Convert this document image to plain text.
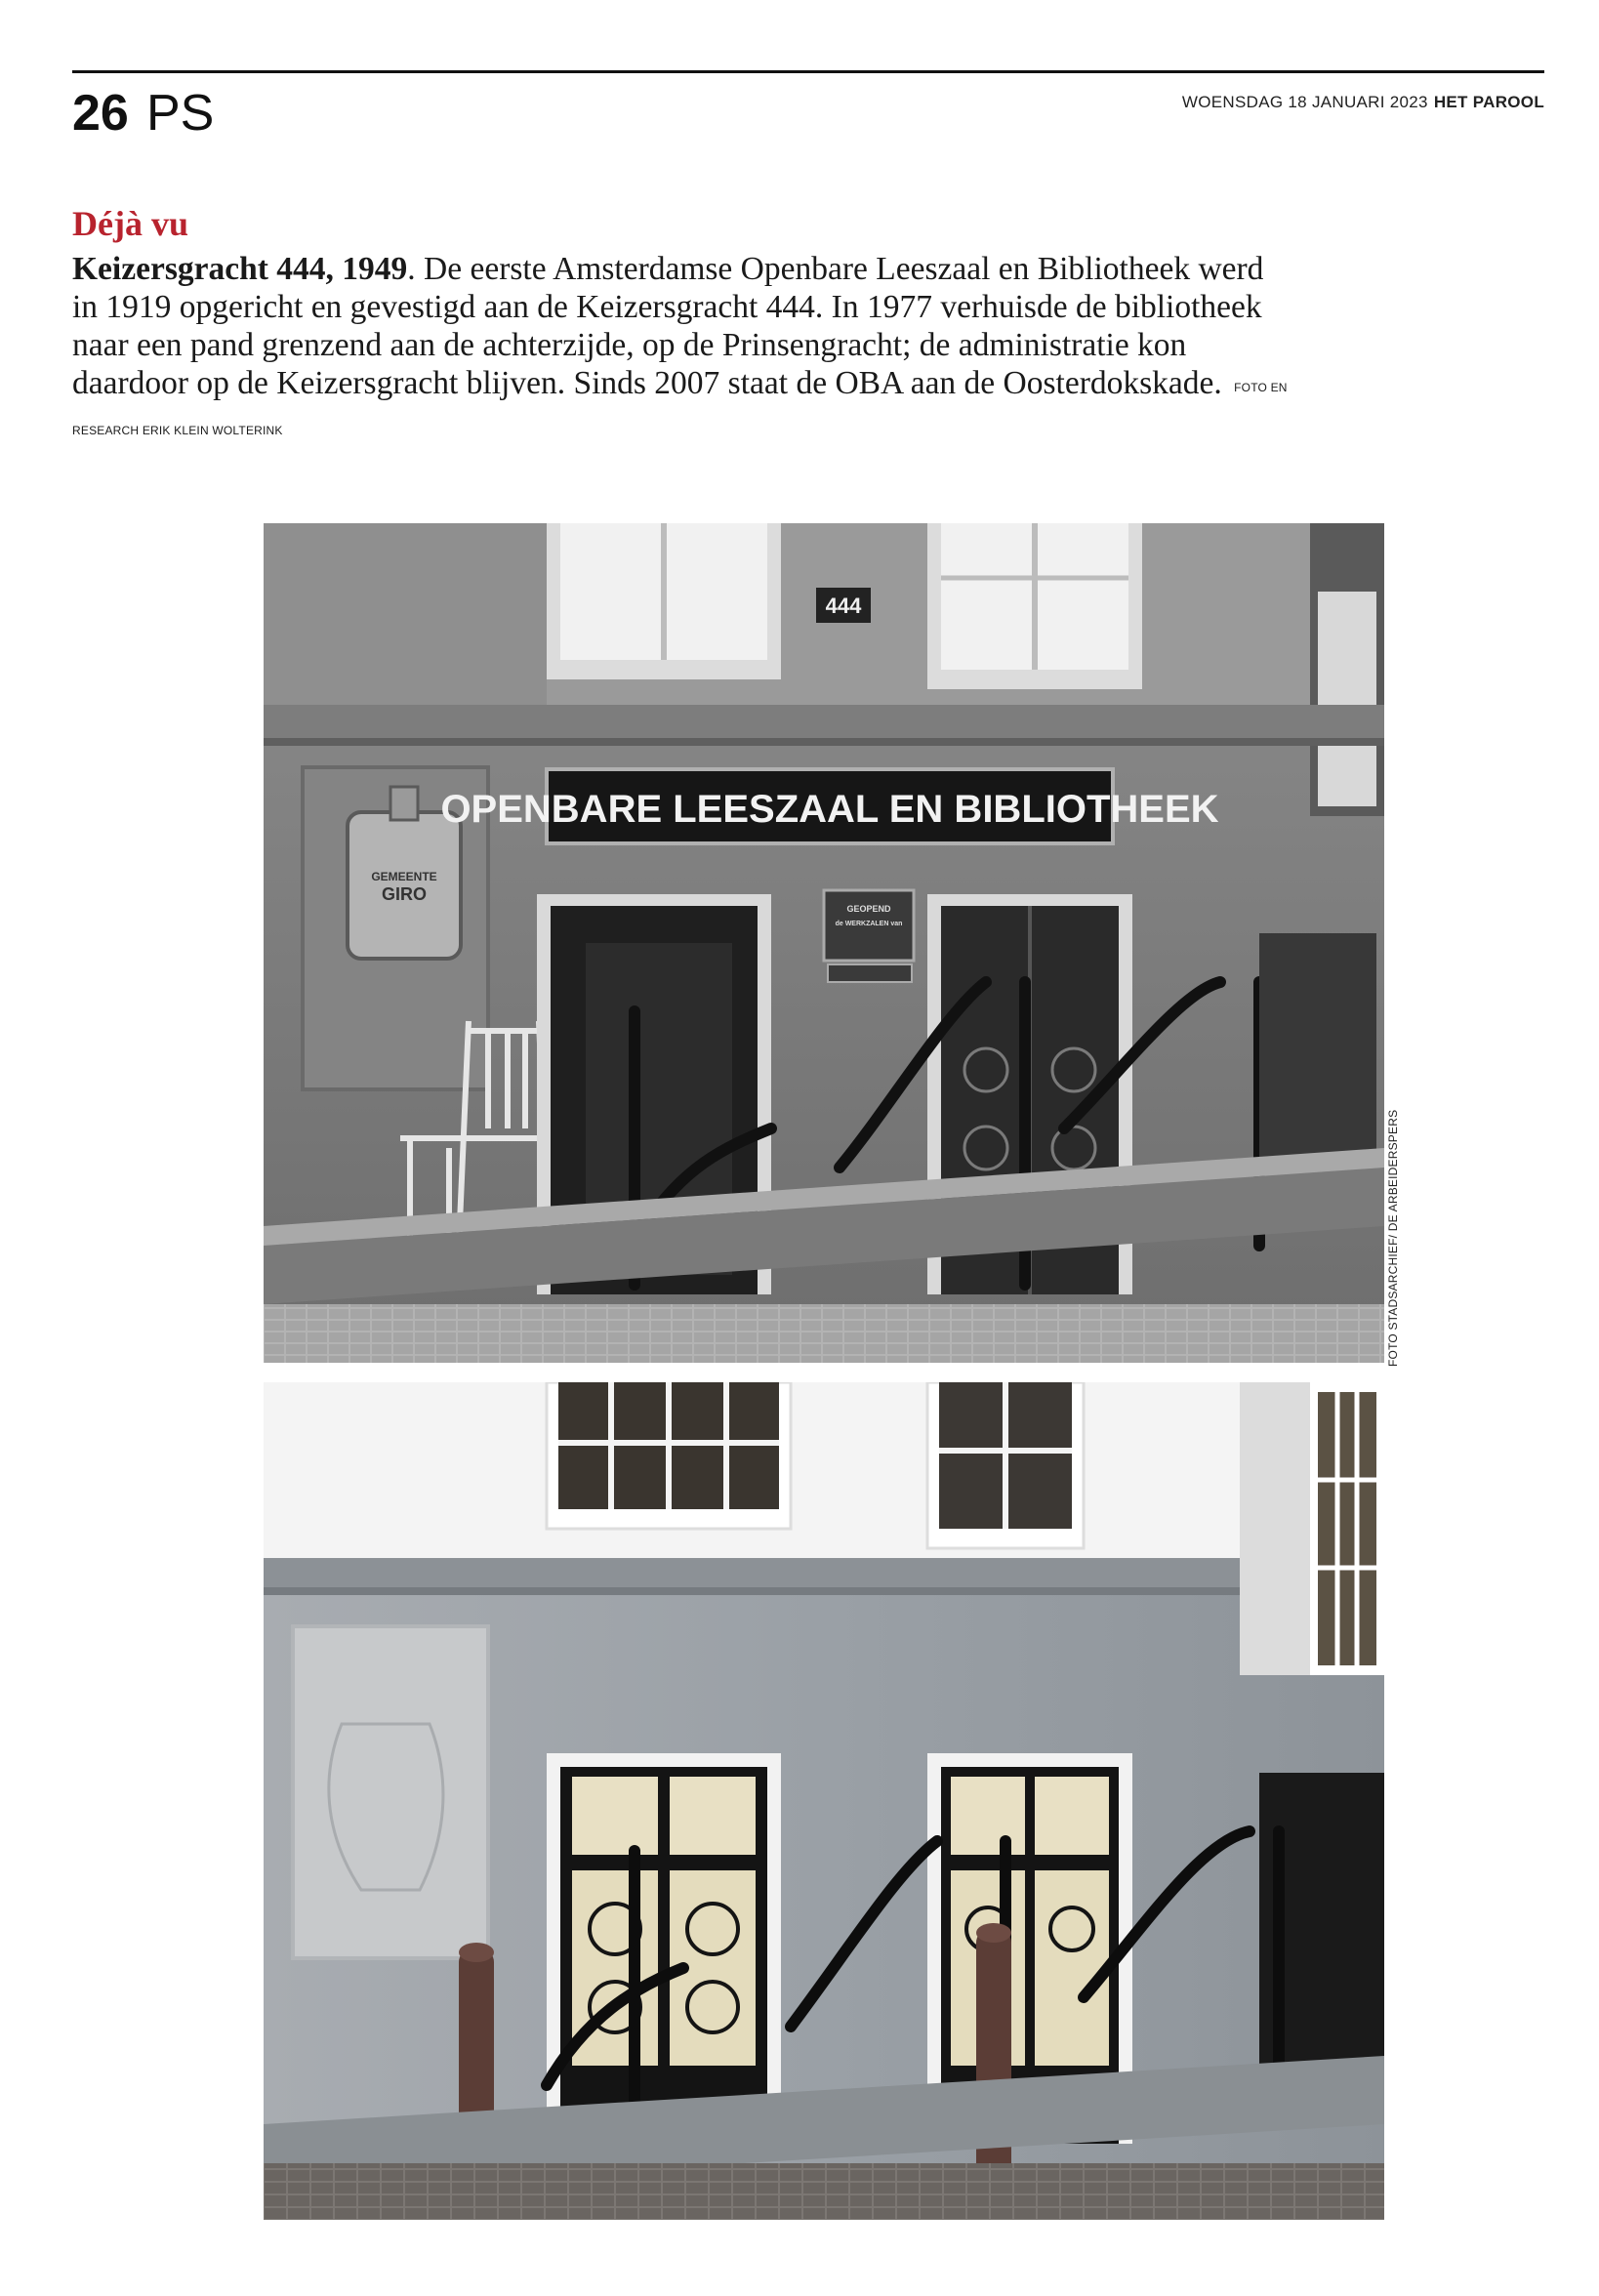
26 PS	WOENSDAG 18 JANUARI 2023 HET PAROOL
Déjà vu
Keizersgracht 444, 1949. De eerste Amsterdamse Openbare Leeszaal en Bibliotheek werd in 1919 opgericht en gevestigd aan de Keizersgracht 444. In 1977 verhuisde de bibliotheek naar een pand grenzend aan de achterzijde, op de Prinsengracht; de administratie kon daardoor op de Keizersgracht blijven. Sinds 2007 staat de OBA aan de Oosterdokskade. FOTO EN RESEARCH ERIK KLEIN WOLTERINK
444
GEMEENTE
GIRO
OPENBARE LEESZAAL EN BIBLIOTHEEK
GEOPEND
de WERKZALEN van
FOTO STADSARCHIEF/ DE ARBEIDERSPERS
